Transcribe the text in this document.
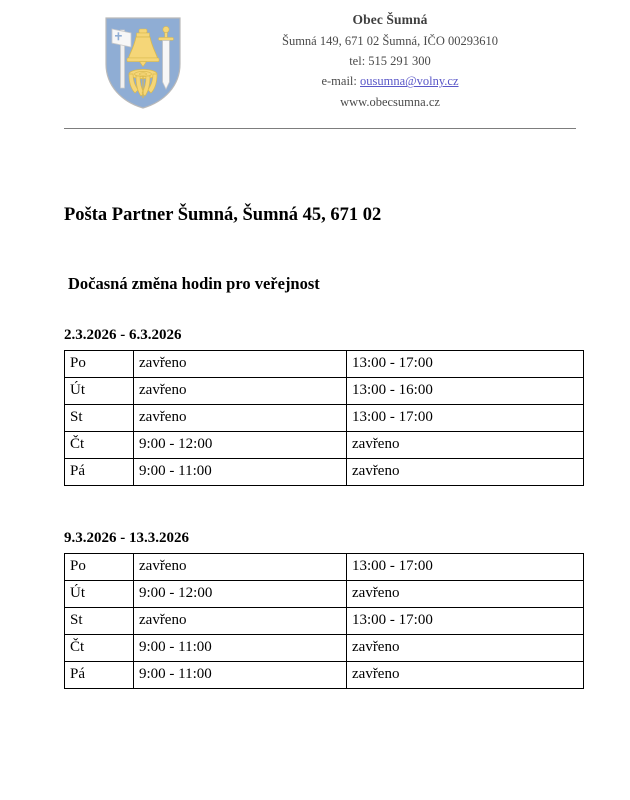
Obec Šumná
Šumná 149, 671 02 Šumná, IČO 00293610
tel: 515 291 300
e-mail: ousumna@volny.cz
www.obecsumna.cz
Pošta Partner Šumná, Šumná 45, 671 02
Dočasná změna hodin pro veřejnost
2.3.2026 - 6.3.2026
Po	zavřeno	13:00 - 17:00
Út	zavřeno	13:00 - 16:00
St	zavřeno	13:00 - 17:00
Čt	9:00 - 12:00	zavřeno
Pá	9:00 - 11:00	zavřeno
9.3.2026 - 13.3.2026
Po	zavřeno	13:00 - 17:00
Út	9:00 - 12:00	zavřeno
St	zavřeno	13:00 - 17:00
Čt	9:00 - 11:00	zavřeno
Pá	9:00 - 11:00	zavřeno
